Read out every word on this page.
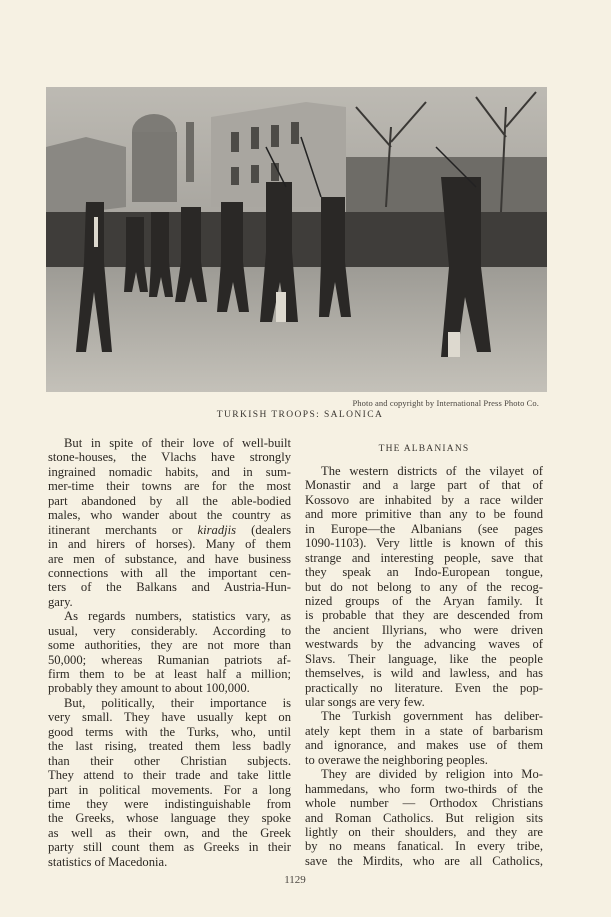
Photo and copyright by International Press Photo Co.
TURKISH TROOPS: SALONICA
But in spite of their love of well-built
stone-houses, the Vlachs have strongly
ingrained nomadic habits, and in sum-
mer-time their towns are for the most
part abandoned by all the able-bodied
males, who wander about the country as
itinerant merchants or kiradjis (dealers
in and hirers of horses). Many of them
are men of substance, and have business
connections with all the important cen-
ters of the Balkans and Austria-Hun-
gary.
As regards numbers, statistics vary, as
usual, very considerably. According to
some authorities, they are not more than
50,000; whereas Rumanian patriots af-
firm them to be at least half a million;
probably they amount to about 100,000.
But, politically, their importance is
very small. They have usually kept on
good terms with the Turks, who, until
the last rising, treated them less badly
than their other Christian subjects.
They attend to their trade and take little
part in political movements. For a long
time they were indistinguishable from
the Greeks, whose language they spoke
as well as their own, and the Greek
party still count them as Greeks in their
statistics of Macedonia.
THE ALBANIANS
The western districts of the vilayet of
Monastir and a large part of that of
Kossovo are inhabited by a race wilder
and more primitive than any to be found
in Europe—the Albanians (see pages
1090-1103). Very little is known of this
strange and interesting people, save that
they speak an Indo-European tongue,
but do not belong to any of the recog-
nized groups of the Aryan family. It
is probable that they are descended from
the ancient Illyrians, who were driven
westwards by the advancing waves of
Slavs. Their language, like the people
themselves, is wild and lawless, and has
practically no literature. Even the pop-
ular songs are very few.
The Turkish government has deliber-
ately kept them in a state of barbarism
and ignorance, and makes use of them
to overawe the neighboring peoples.
They are divided by religion into Mo-
hammedans, who form two-thirds of the
whole number — Orthodox Christians
and Roman Catholics. But religion sits
lightly on their shoulders, and they are
by no means fanatical. In every tribe,
save the Mirdits, who are all Catholics,
1129
